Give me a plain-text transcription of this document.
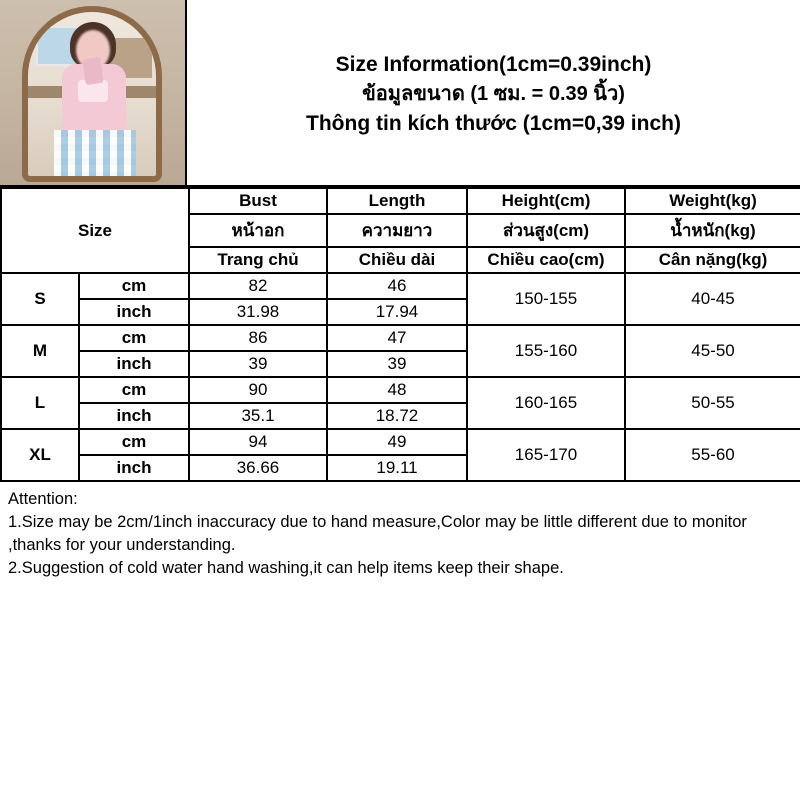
Size Information(1cm=0.39inch)
ข้อมูลขนาด (1 ซม. = 0.39 นิ้ว)
Thông tin kích thước (1cm=0,39 inch)
Size		Bust	Length	Height(cm)	Weight(kg)
		หน้าอก	ความยาว	ส่วนสูง(cm)	น้ำหนัก(kg)
		Trang chủ	Chiều dài	Chiều cao(cm)	Cân nặng(kg)
S	cm	82	46	150-155	40-45
	inch	31.98	17.94		
M	cm	86	47	155-160	45-50
	inch	39	39		
L	cm	90	48	160-165	50-55
	inch	35.1	18.72		
XL	cm	94	49	165-170	55-60
	inch	36.66	19.11		
Attention:
1.Size may be 2cm/1inch inaccuracy due to hand measure,Color may be little different due to monitor ,thanks for your understanding.
2.Suggestion of cold water hand washing,it can help items keep their shape.
